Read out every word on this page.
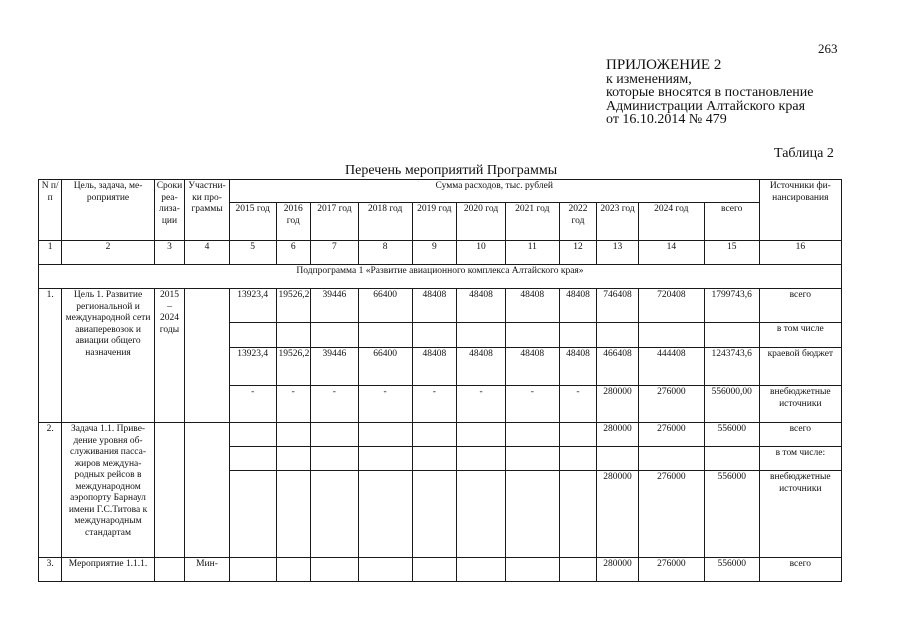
263
ПРИЛОЖЕНИЕ 2
к изменениям,
которые вносятся в постановление
Администрации Алтайского края
от 16.10.2014 № 479
Таблица 2
Перечень мероприятий Программы
N п/п	Цель, задача, ме-роприятие	Сроки реа-лиза-ции	Участни-ки про-граммы	Сумма расходов, тыс. рублей											Источники фи-нансирования
				2015 год	2016 год	2017 год	2018 год	2019 год	2020 год	2021 год	2022 год	2023 год	2024 год	всего	
1	2	3	4	5	6	7	8	9	10	11	12	13	14	15	16
Подпрограмма 1 «Развитие авиационного комплекса Алтайского края»															
1.	Цель 1. Развитие региональной и международной сети авиаперевозок и авиации общего назначения	2015 – 2024 годы		13923,4	19526,2	39446	66400	48408	48408	48408	48408	746408	720408	1799743,6	всего
															в том числе
				13923,4	19526,2	39446	66400	48408	48408	48408	48408	466408	444408	1243743,6	краевой бюджет
				-	-	-	-	-	-	-	-	280000	276000	556000,00	внебюджетные источники
2.	Задача 1.1. Приве-дение уровня об-служивания пасса-жиров междуна-родных рейсов в международном аэропорту Барнаул имени Г.С.Титова к международным стандартам											280000	276000	556000	всего
															в том числе:
												280000	276000	556000	внебюджетные источники
3.	Мероприятие 1.1.1.		Мин-									280000	276000	556000	всего
